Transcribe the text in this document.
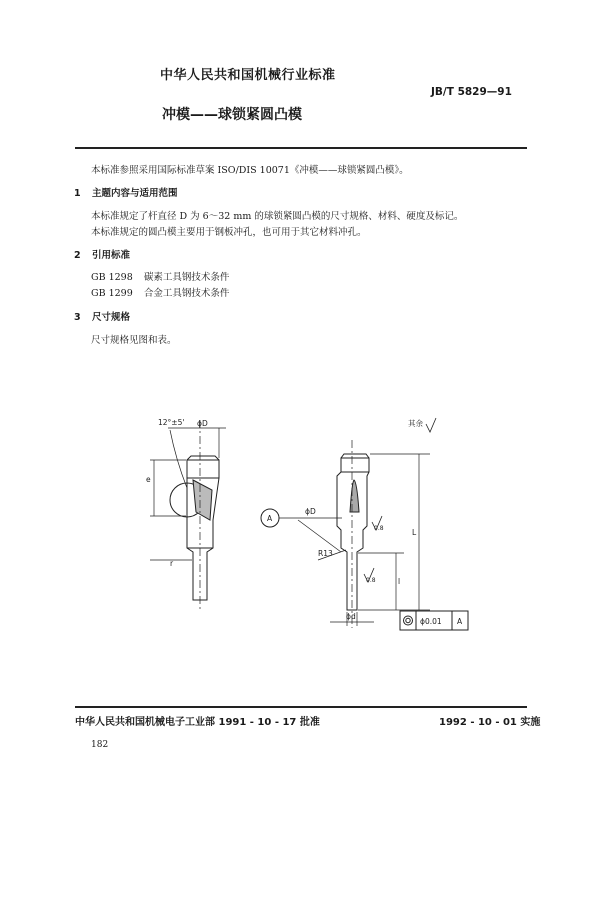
中华人民共和国机械行业标准
JB/T 5829—91
冲模——球锁紧圆凸模
本标准参照采用国际标准草案 ISO/DIS 10071《冲模——球锁紧圆凸模》。
1 主题内容与适用范围
本标准规定了杆直径 D 为 6～32 mm 的球锁紧圆凸模的尺寸规格、材料、硬度及标记。
本标准规定的圆凸模主要用于钢板冲孔，也可用于其它材料冲孔。
2 引用标准
GB 1298 碳素工具钢技术条件
GB 1299 合金工具钢技术条件
3 尺寸规格
尺寸规格见图和表。
12°±5' ϕD
e
r
其余
A
ϕD
R13
L
l
ϕd
0.8
0.8
ϕ0.01 A
中华人民共和国机械电子工业部 1991 - 10 - 17 批准	1992 - 10 - 01 实施
182
